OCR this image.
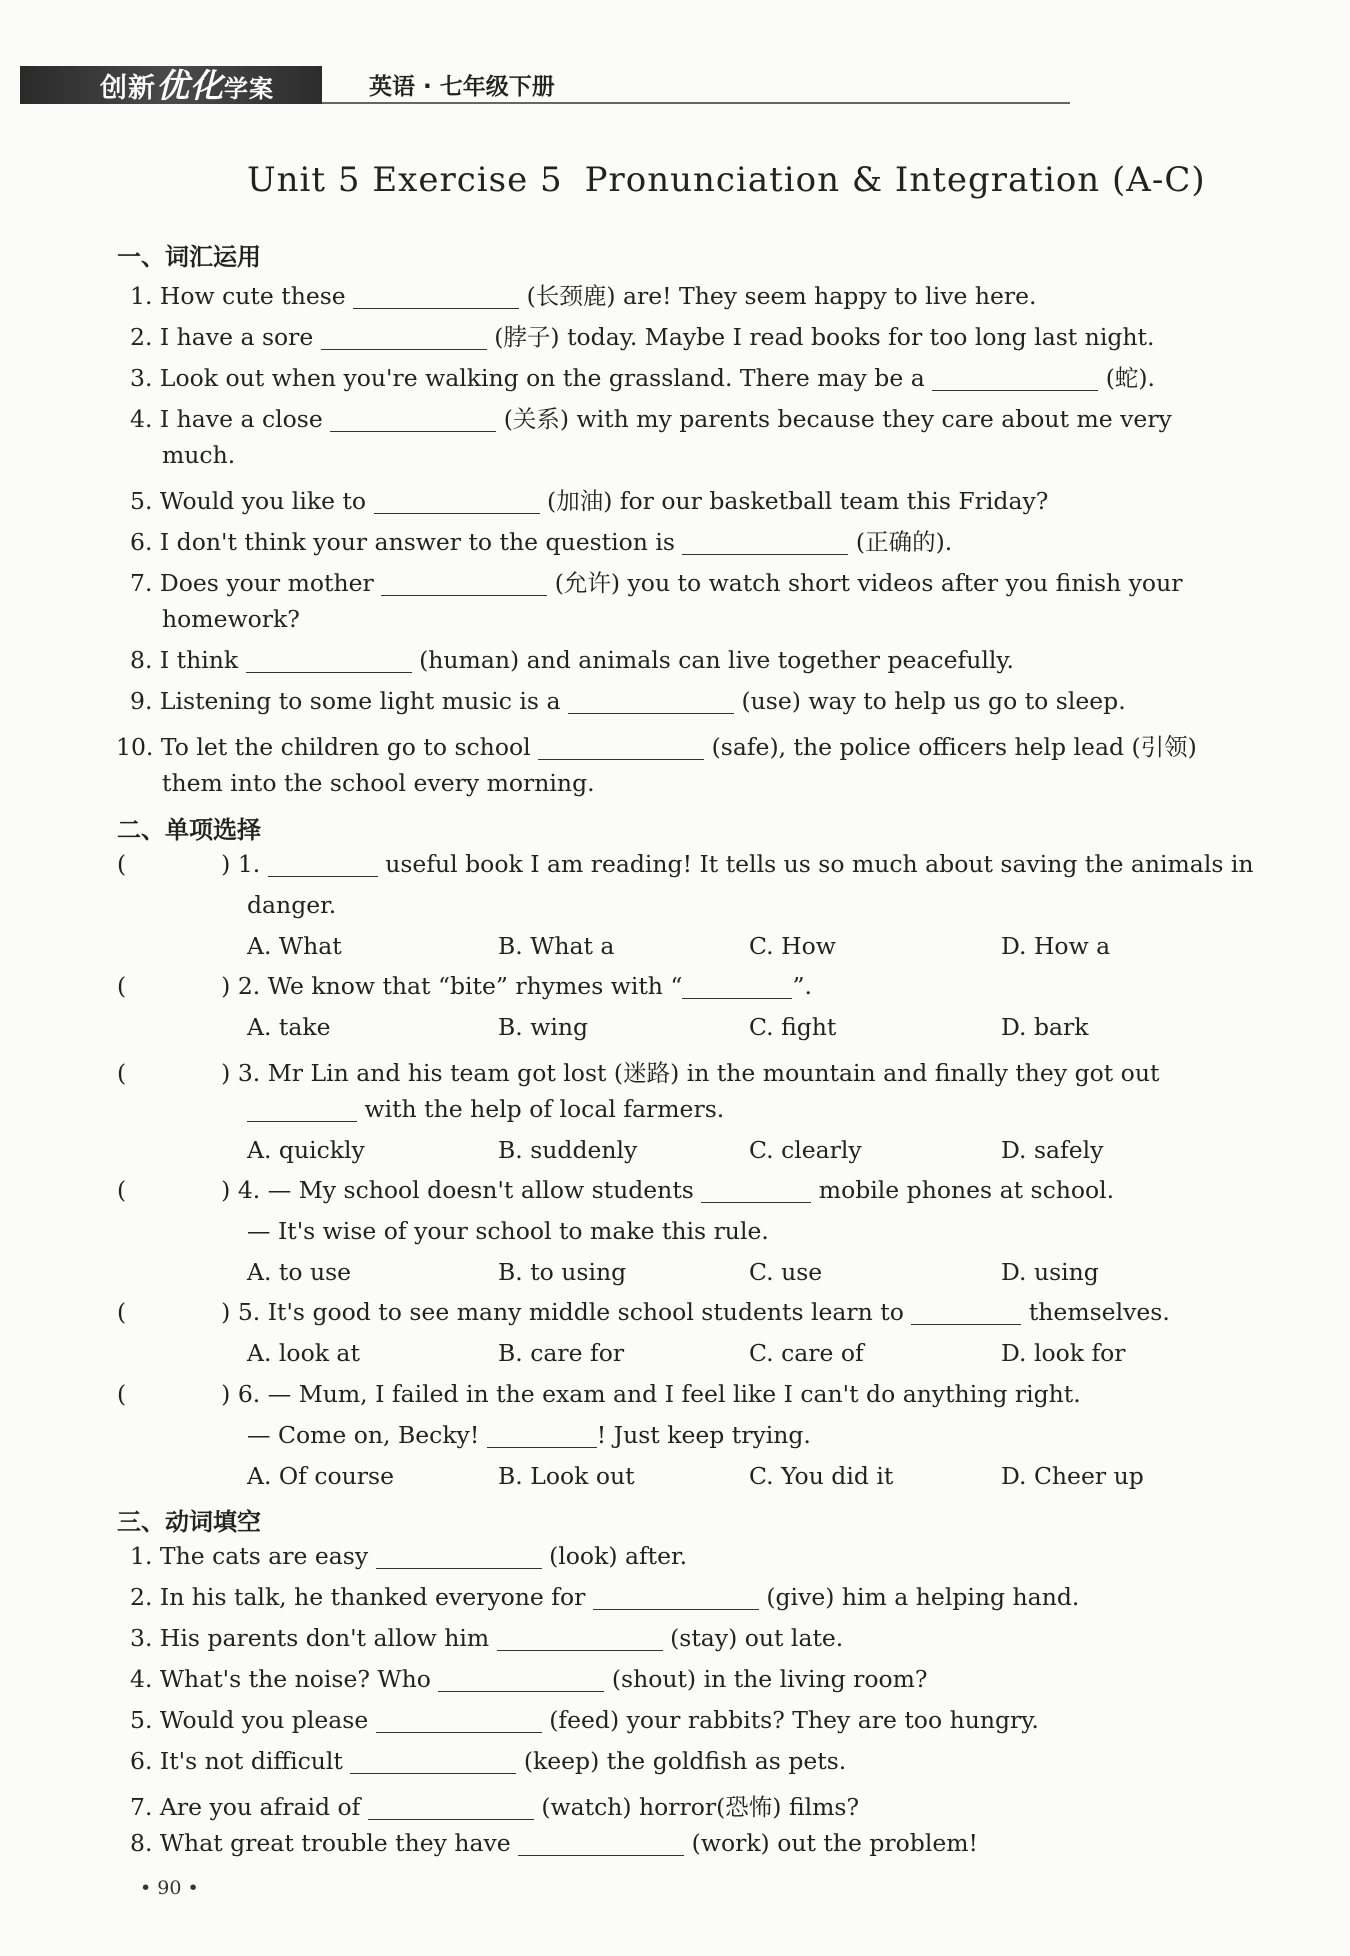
创新优化学案	英语 · 七年级下册
Unit 5 Exercise 5 Pronunciation & Integration (A-C)
一、词汇运用
1. How cute these	(长颈鹿) are! They seem happy to live here.
2. I have a sore	(脖子) today. Maybe I read books for too long last night.
3. Look out when you're walking on the grassland. There may be a	(蛇).
4. I have a close	(关系) with my parents because they care about me very
much.
5. Would you like to	(加油) for our basketball team this Friday?
6. I don't think your answer to the question is	(正确的).
7. Does your mother	(允许) you to watch short videos after you finish your
homework?
8. I think	(human) and animals can live together peacefully.
9. Listening to some light music is a	(use) way to help us go to sleep.
10. To let the children go to school	(safe), the police officers help lead (引领)
them into the school every morning.
二、单项选择
(	) 1.	useful book I am reading! It tells us so much about saving the animals in
danger.
A. What	B. What a	C. How	D. How a
(	) 2. We know that “bite” rhymes with “	”.
A. take	B. wing	C. fight	D. bark
(	) 3. Mr Lin and his team got lost (迷路) in the mountain and finally they got out
with the help of local farmers.
A. quickly	B. suddenly	C. clearly	D. safely
(	) 4. — My school doesn't allow students	mobile phones at school.
— It's wise of your school to make this rule.
A. to use	B. to using	C. use	D. using
(	) 5. It's good to see many middle school students learn to	themselves.
A. look at	B. care for	C. care of	D. look for
(	) 6. — Mum, I failed in the exam and I feel like I can't do anything right.
— Come on, Becky!	! Just keep trying.
A. Of course	B. Look out	C. You did it	D. Cheer up
三、动词填空
1. The cats are easy	(look) after.
2. In his talk, he thanked everyone for	(give) him a helping hand.
3. His parents don't allow him	(stay) out late.
4. What's the noise? Who	(shout) in the living room?
5. Would you please	(feed) your rabbits? They are too hungry.
6. It's not difficult	(keep) the goldfish as pets.
7. Are you afraid of	(watch) horror(恐怖) films?
8. What great trouble they have	(work) out the problem!
• 90 •
